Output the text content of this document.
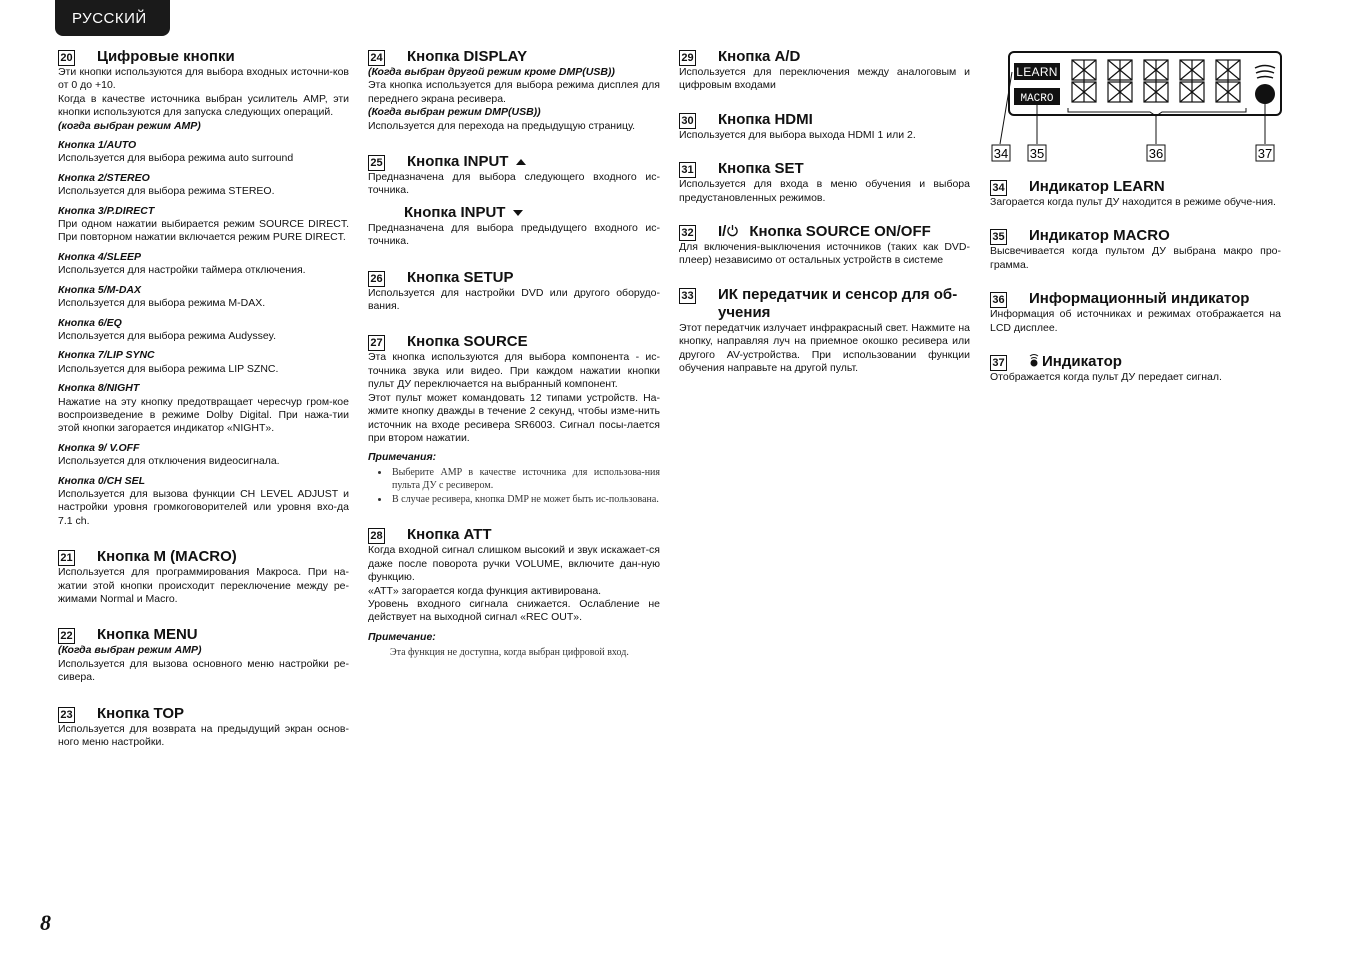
РУССКИЙ
20 Цифровые кнопки

Эти кнопки используются для выбора входных источни-ков от 0 до +10.

Когда в качестве источника выбран усилитель AMP, эти кнопки используются для запуска следующих операций.

(когда выбран режим AMP)

Кнопка 1/AUTO

Используется для выбора режима auto surround

Кнопка 2/STEREO

Используется для выбора режима STEREO.

Кнопка 3/P.DIRECT

При одном нажатии выбирается режим SOURCE DIRECT. При повторном нажатии включается режим PURE DIRECT.

Кнопка 4/SLEEP

Используется для настройки таймера отключения.

Кнопка 5/M-DAX

Используется для выбора режима M-DAX.

Кнопка 6/EQ

Используется для выбора режима Audyssey.

Кнопка 7/LIP SYNC

Используется для выбора режима LIP SZNC.

Кнопка 8/NIGHT

Нажатие на эту кнопку предотвращает чересчур гром-кое воспроизведение в режиме Dolby Digital. При нажа-тии этой кнопки загорается индикатор «NIGHT».

Кнопка 9/ V.OFF

Используется для отключения видеосигнала.

Кнопка 0/CH SEL

Используется для вызова функции CH LEVEL ADJUST и настройки уровня громкоговорителей или уровня вхо-да 7.1 ch.

21 Кнопка M (MACRO)

Используется для программирования Макроса. При на-жатии этой кнопки происходит переключение между ре-жимами Normal и Macro.

22 Кнопка MENU

(Когда выбран режим AMP)

Используется для вызова основного меню настройки ре-сивера.

23 Кнопка TOP

Используется для возврата на предыдущий экран основ-ного меню настройки.

24 Кнопка DISPLAY

(Когда выбран другой режим кроме DMP(USB))

Эта кнопка используется для выбора режима дисплея для переднего экрана ресивера.

(Когда выбран режим DMP(USB))

Используется для перехода на предыдущую страницу.

25 Кнопка INPUT

Предназначена для выбора следующего входного ис-точника.

Кнопка INPUT

Предназначена для выбора предыдущего входного ис-точника.

26 Кнопка SETUP

Используется для настройки DVD или другого оборудо-вания.

27 Кнопка SOURCE

Эта кнопка используются для выбора компонента - ис-точника звука или видео. При каждом нажатии кнопки пульт ДУ переключается на выбранный компонент.

Этот пульт может командовать 12 типами устройств. На-жмите кнопку дважды в течение 2 секунд, чтобы изме-нить источник на входе ресивера SR6003. Сигнал посы-лается при втором нажатии.

Примечания:

• Выберите AMP в качестве источника для использова-ния пульта ДУ с ресивером.
• В случае ресивера, кнопка DMP не может быть ис-пользована.
28 Кнопка ATT

Когда входной сигнал слишком высокий и звук искажает-ся даже после поворота ручки VOLUME, включите дан-ную функцию.

«ATT» загорается когда функция активирована.

Уровень входного сигнала снижается. Ослабление не действует на выходной сигнал «REC OUT».

Примечание:

Эта функция не доступна, когда выбран цифровой вход.

29 Кнопка A/D

Используется для переключения между аналоговым и цифровым входами

30 Кнопка HDMI

Используется для выбора выхода HDMI 1 или 2.

31 Кнопка SET

Используется для входа в меню обучения и выбора предустановленных режимов.

32 I/ Кнопка SOURCE ON/OFF

Для включения-выключения источников (таких как DVD-плеер) независимо от остальных устройств в системе

33 ИК передатчик и сенсор для об-учения

Этот передатчик излучает инфракрасный свет. Нажмите на кнопку, направляя луч на приемное окошко ресивера или другого AV-устройства. При использовании функции обучения направьте на другой пульт.

LEARN
MACRO
34 35	36	37
34 Индикатор LEARN

Загорается когда пульт ДУ находится в режиме обуче-ния.

35 Индикатор MACRO

Высвечивается когда пультом ДУ выбрана макро про-грамма.

36 Информационный индикатор

Информация об источниках и режимах отображается на LCD дисплее.

37	Индикатор

Отображается когда пульт ДУ передает сигнал.

8
